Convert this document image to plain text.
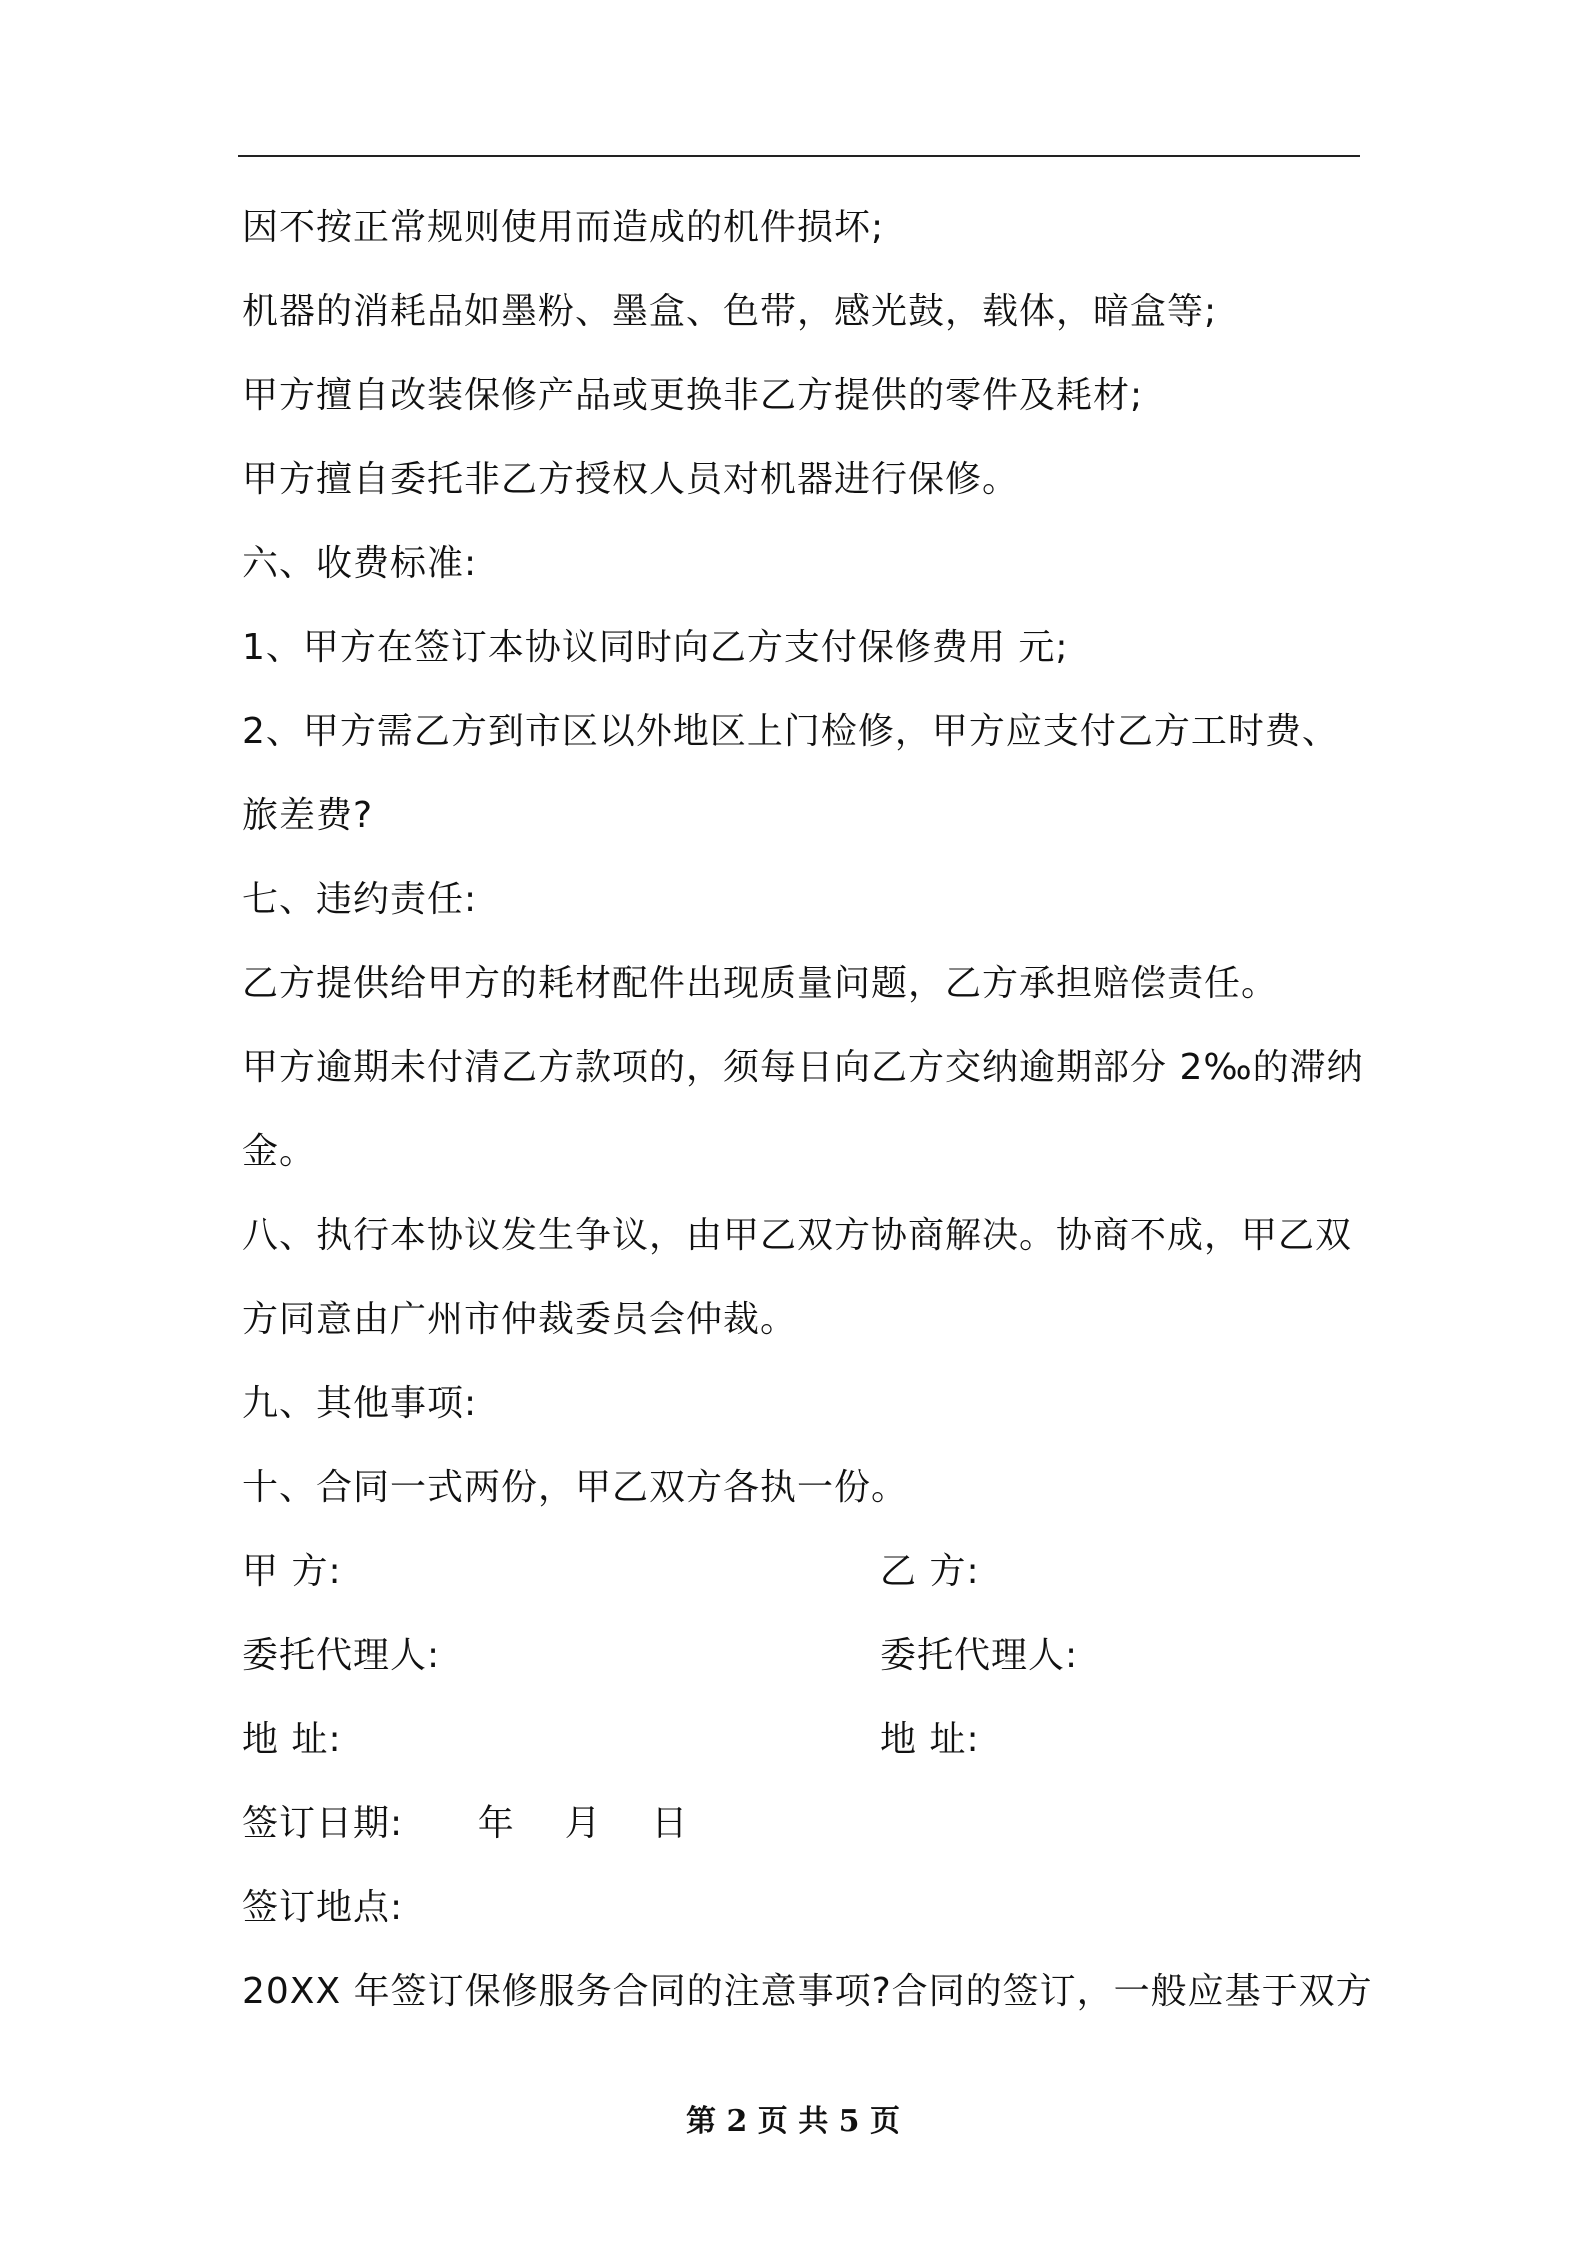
因不按正常规则使用而造成的机件损坏;
机器的消耗品如墨粉、墨盒、色带，感光鼓，载体，暗盒等;
甲方擅自改装保修产品或更换非乙方提供的零件及耗材;
甲方擅自委托非乙方授权人员对机器进行保修。
六、收费标准:
1、甲方在签订本协议同时向乙方支付保修费用 元;
2、甲方需乙方到市区以外地区上门检修，甲方应支付乙方工时费、
旅差费?
七、违约责任:
乙方提供给甲方的耗材配件出现质量问题，乙方承担赔偿责任。
甲方逾期未付清乙方款项的，须每日向乙方交纳逾期部分 2‰的滞纳
金。
八、执行本协议发生争议，由甲乙双方协商解决。协商不成，甲乙双
方同意由广州市仲裁委员会仲裁。
九、其他事项:
十、合同一式两份，甲乙双方各执一份。
甲 方:	乙 方:
委托代理人:	委托代理人:
地 址:	地 址:
签订日期:      年    月    日
签订地点:
20XX 年签订保修服务合同的注意事项?合同的签订，一般应基于双方
第 2 页 共 5 页
